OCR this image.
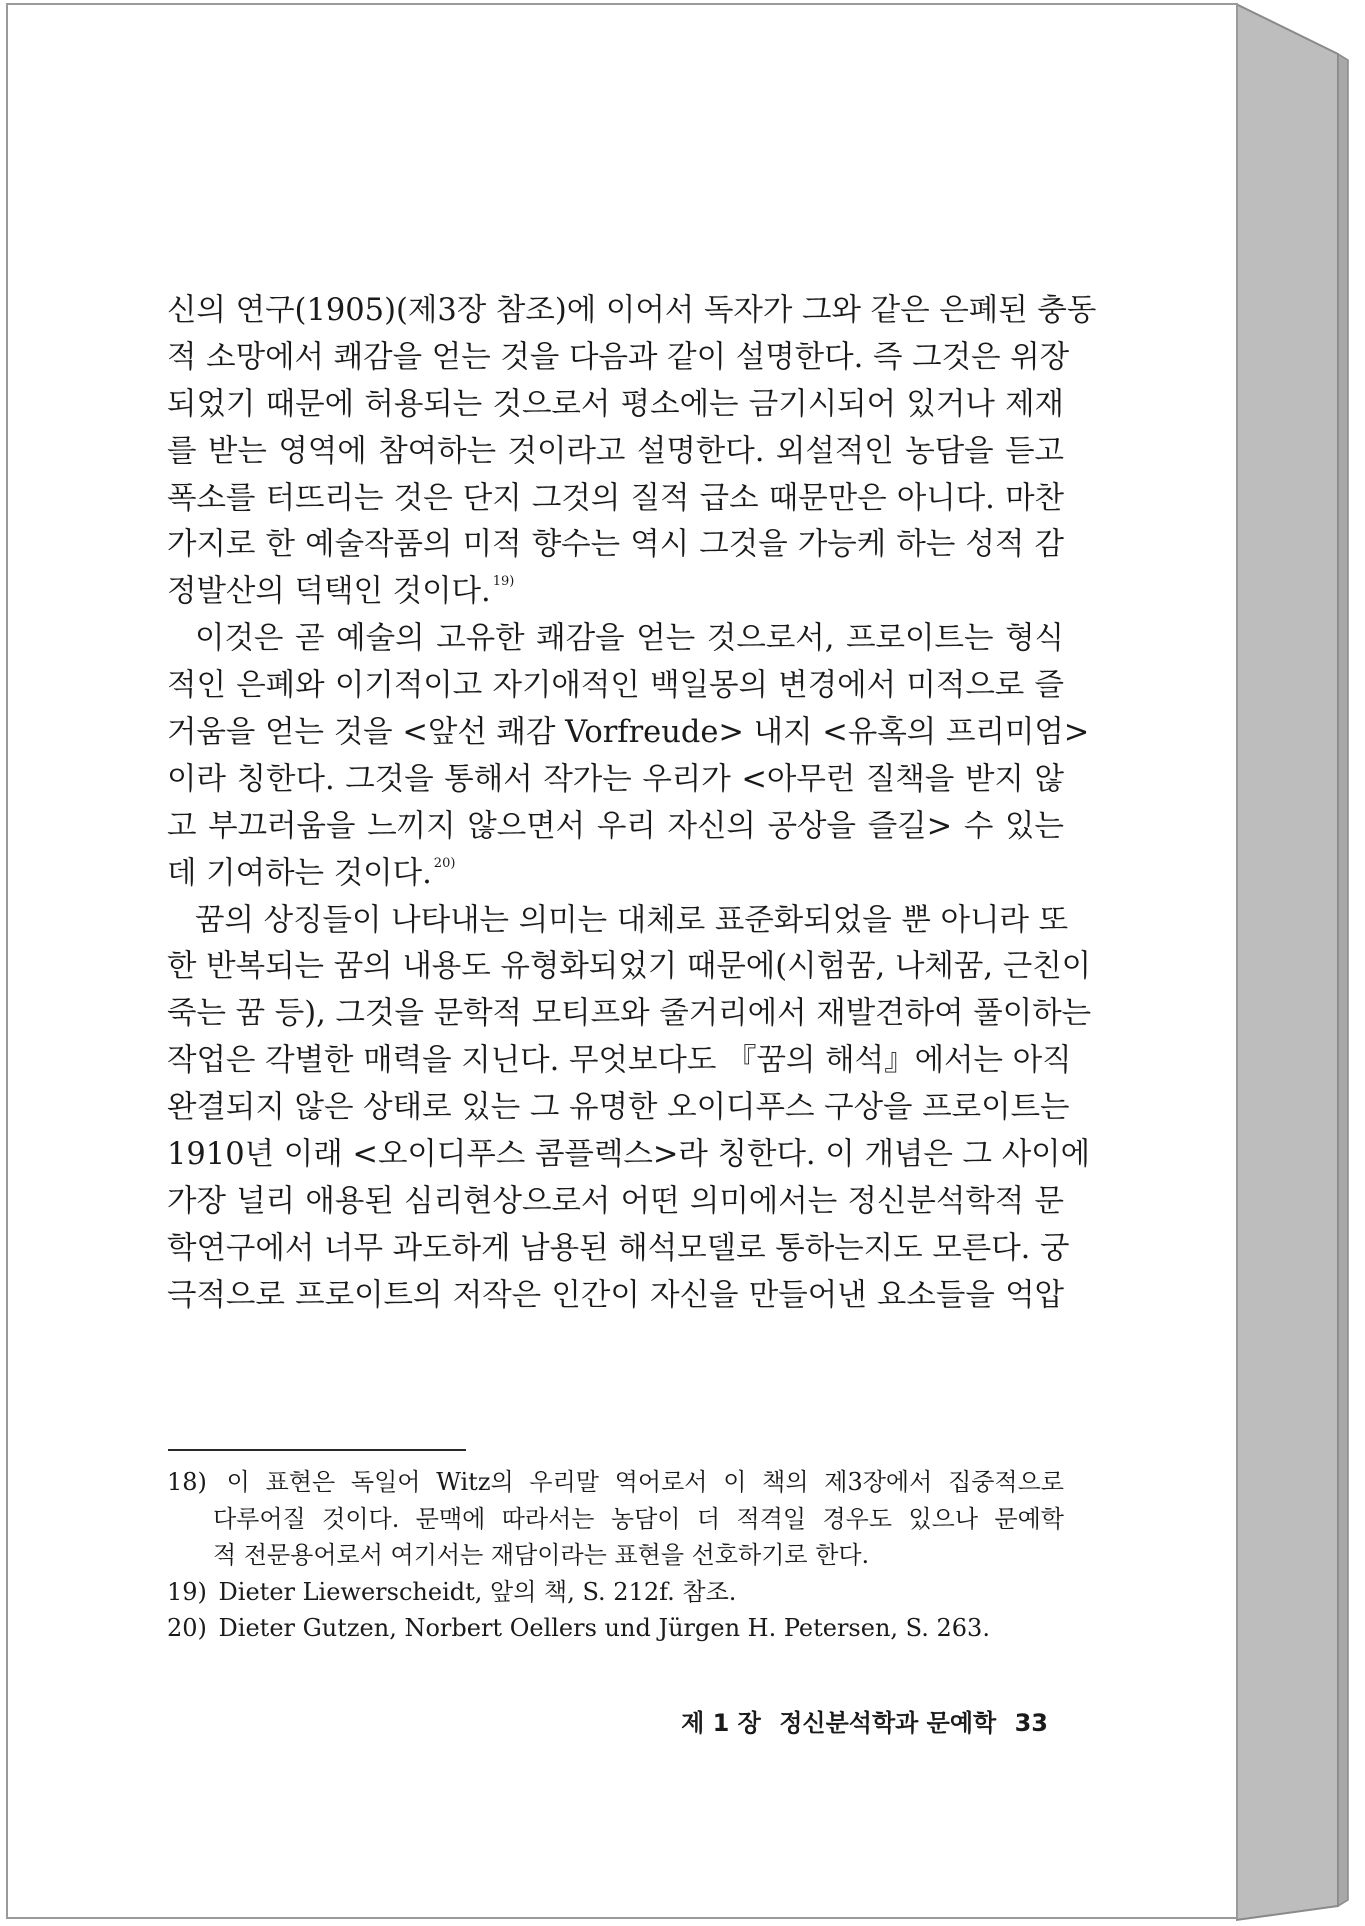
신의 연구(1905)(제3장 참조)에 이어서 독자가 그와 같은 은폐된 충동
적 소망에서 쾌감을 얻는 것을 다음과 같이 설명한다. 즉 그것은 위장
되었기 때문에 허용되는 것으로서 평소에는 금기시되어 있거나 제재
를 받는 영역에 참여하는 것이라고 설명한다. 외설적인 농담을 듣고
폭소를 터뜨리는 것은 단지 그것의 질적 급소 때문만은 아니다. 마찬
가지로 한 예술작품의 미적 향수는 역시 그것을 가능케 하는 성적 감
정발산의 덕택인 것이다. $^{19)}$
이것은 곧 예술의 고유한 쾌감을 얻는 것으로서, 프로이트는 형식
적인 은폐와 이기적이고 자기애적인 백일몽의 변경에서 미적으로 즐
거움을 얻는 것을 <앞선 쾌감 Vorfreude> 내지 <유혹의 프리미엄>
이라 칭한다. 그것을 통해서 작가는 우리가 <아무런 질책을 받지 않
고 부끄러움을 느끼지 않으면서 우리 자신의 공상을 즐길> 수 있는
데 기여하는 것이다. $^{20)}$
꿈의 상징들이 나타내는 의미는 대체로 표준화되었을 뿐 아니라 또
한 반복되는 꿈의 내용도 유형화되었기 때문에(시험꿈, 나체꿈, 근친이
죽는 꿈 등), 그것을 문학적 모티프와 줄거리에서 재발견하여 풀이하는
작업은 각별한 매력을 지닌다. 무엇보다도 『꿈의 해석』에서는 아직
완결되지 않은 상태로 있는 그 유명한 오이디푸스 구상을 프로이트는
1910년 이래 <오이디푸스 콤플렉스>라 칭한다. 이 개념은 그 사이에
가장 널리 애용된 심리현상으로서 어떤 의미에서는 정신분석학적 문
학연구에서 너무 과도하게 남용된 해석모델로 통하는지도 모른다. 궁
극적으로 프로이트의 저작은 인간이 자신을 만들어낸 요소들을 억압
18) 이 표현은 독일어 Witz의 우리말 역어로서 이 책의 제3장에서 집중적으로
다루어질 것이다. 문맥에 따라서는 농담이 더 적격일 경우도 있으나 문예학
적 전문용어로서 여기서는 재담이라는 표현을 선호하기로 한다.
19) Dieter Liewerscheidt, 앞의 책, S. 212f. 참조.
20) Dieter Gutzen, Norbert Oellers und Jürgen H. Petersen, S. 263.
제 1 장 정신분석학과 문예학 33
